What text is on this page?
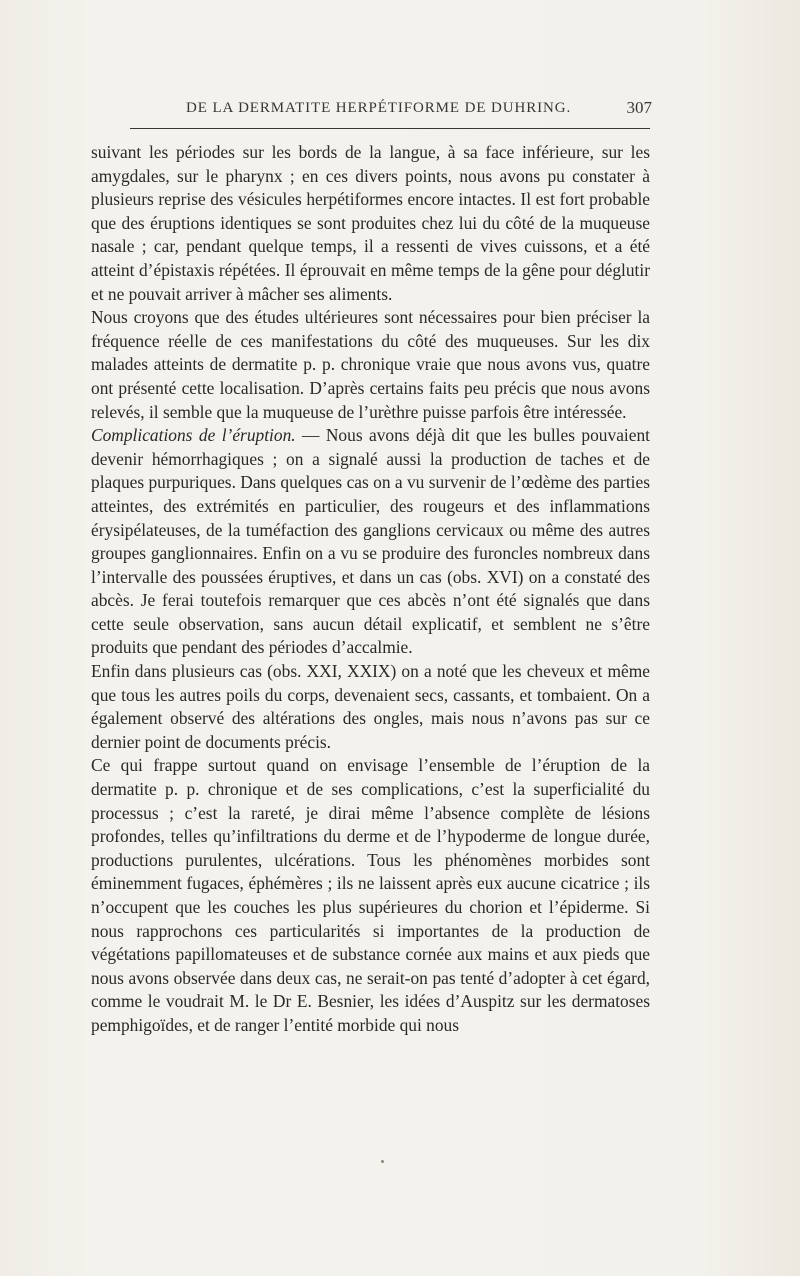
DE LA DERMATITE HERPÉTIFORME DE DUHRING.	307

suivant les périodes sur les bords de la langue, à sa face inférieure, sur les amygdales, sur le pharynx ; en ces divers points, nous avons pu constater à plusieurs reprise des vésicules herpétiformes encore intactes. Il est fort probable que des éruptions identiques se sont produites chez lui du côté de la muqueuse nasale ; car, pendant quelque temps, il a ressenti de vives cuissons, et a été atteint d’épistaxis répétées. Il éprouvait en même temps de la gêne pour déglutir et ne pouvait arriver à mâcher ses aliments.

Nous croyons que des études ultérieures sont nécessaires pour bien préciser la fréquence réelle de ces manifestations du côté des muqueuses. Sur les dix malades atteints de dermatite p. p. chronique vraie que nous avons vus, quatre ont présenté cette localisation. D’après certains faits peu précis que nous avons relevés, il semble que la muqueuse de l’urèthre puisse parfois être intéressée.

Complications de l’éruption. — Nous avons déjà dit que les bulles pouvaient devenir hémorrhagiques ; on a signalé aussi la production de taches et de plaques purpuriques. Dans quelques cas on a vu survenir de l’œdème des parties atteintes, des extrémités en particulier, des rougeurs et des inflammations érysipélateuses, de la tuméfaction des ganglions cervicaux ou même des autres groupes ganglionnaires. Enfin on a vu se produire des furoncles nombreux dans l’intervalle des poussées éruptives, et dans un cas (obs. XVI) on a constaté des abcès. Je ferai toutefois remarquer que ces abcès n’ont été signalés que dans cette seule observation, sans aucun détail explicatif, et semblent ne s’être produits que pendant des périodes d’accalmie.

Enfin dans plusieurs cas (obs. XXI, XXIX) on a noté que les cheveux et même que tous les autres poils du corps, devenaient secs, cassants, et tombaient. On a également observé des altérations des ongles, mais nous n’avons pas sur ce dernier point de documents précis.

Ce qui frappe surtout quand on envisage l’ensemble de l’éruption de la dermatite p. p. chronique et de ses complications, c’est la superficialité du processus ; c’est la rareté, je dirai même l’absence complète de lésions profondes, telles qu’infiltrations du derme et de l’hypoderme de longue durée, productions purulentes, ulcérations. Tous les phénomènes morbides sont éminemment fugaces, éphémères ; ils ne laissent après eux aucune cicatrice ; ils n’occupent que les couches les plus supérieures du chorion et l’épiderme. Si nous rapprochons ces particularités si importantes de la production de végétations papillomateuses et de substance cornée aux mains et aux pieds que nous avons observée dans deux cas, ne serait-on pas tenté d’adopter à cet égard, comme le voudrait M. le Dr E. Besnier, les idées d’Auspitz sur les dermatoses pemphigoïdes, et de ranger l’entité morbide qui nous
